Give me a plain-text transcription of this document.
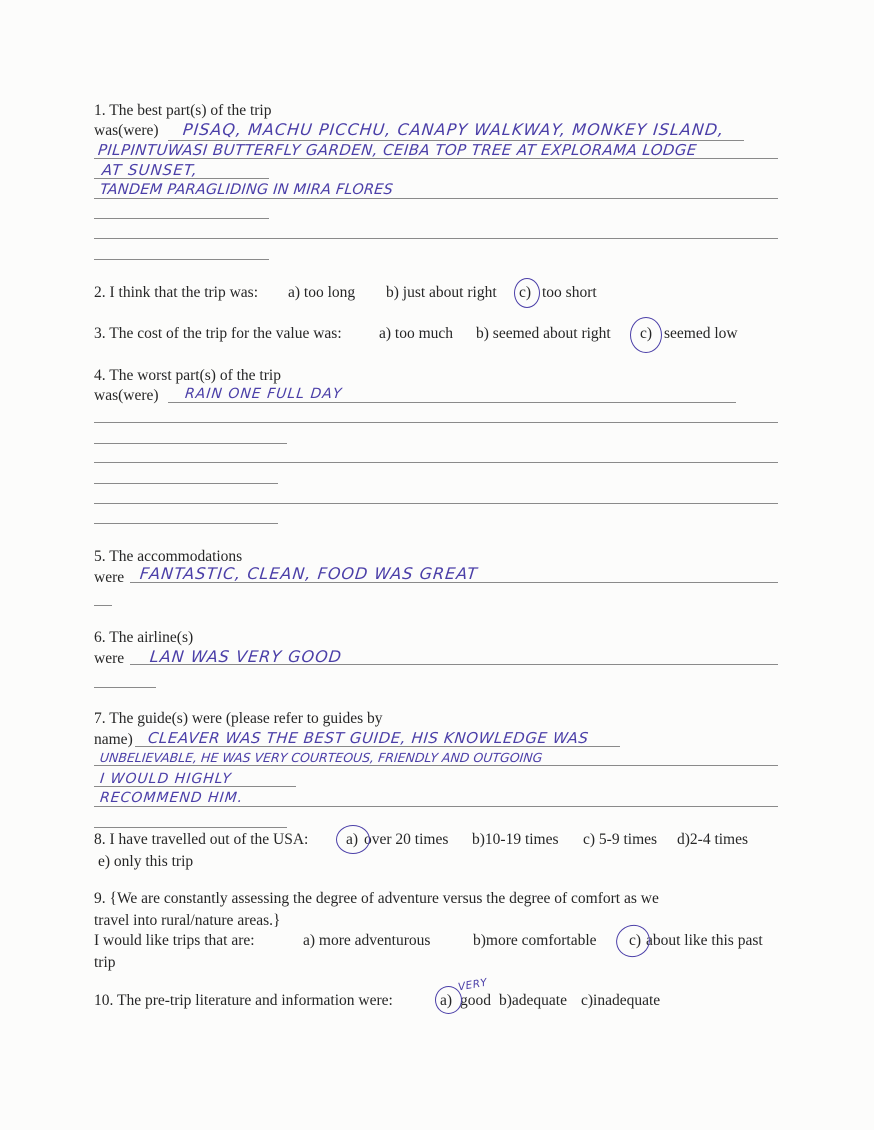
1. The best part(s) of the trip
was(were) PISAQ, MACHU PICCHU, CANAPY WALKWAY, MONKEY ISLAND,
PILPINTUWASI BUTTERFLY GARDEN, CEIBA TOP TREE AT EXPLORAMA LODGE
AT SUNSET,
TANDEM PARAGLIDING IN MIRA FLORES
2. I think that the trip was: a) too long b) just about right c) too short
3. The cost of the trip for the value was: a) too much b) seemed about right c) seemed low
4. The worst part(s) of the trip
was(were) RAIN ONE FULL DAY
5. The accommodations
were FANTASTIC, CLEAN, FOOD WAS GREAT
6. The airline(s)
were LAN WAS VERY GOOD
7. The guide(s) were (please refer to guides by
name) CLEAVER WAS THE BEST GUIDE, HIS KNOWLEDGE WAS
UNBELIEVABLE, HE WAS VERY COURTEOUS, FRIENDLY AND OUTGOING
I WOULD HIGHLY
RECOMMEND HIM.
8. I have travelled out of the USA: a) over 20 times b)10-19 times c) 5-9 times d)2-4 times
e) only this trip
9. {We are constantly assessing the degree of adventure versus the degree of comfort as we
travel into rural/nature areas.}
I would like trips that are:	a) more adventurous	b)more comfortable c) about like this past
trip
10. The pre-trip literature and information were:	a) good b)adequate c)inadequate
VERY
